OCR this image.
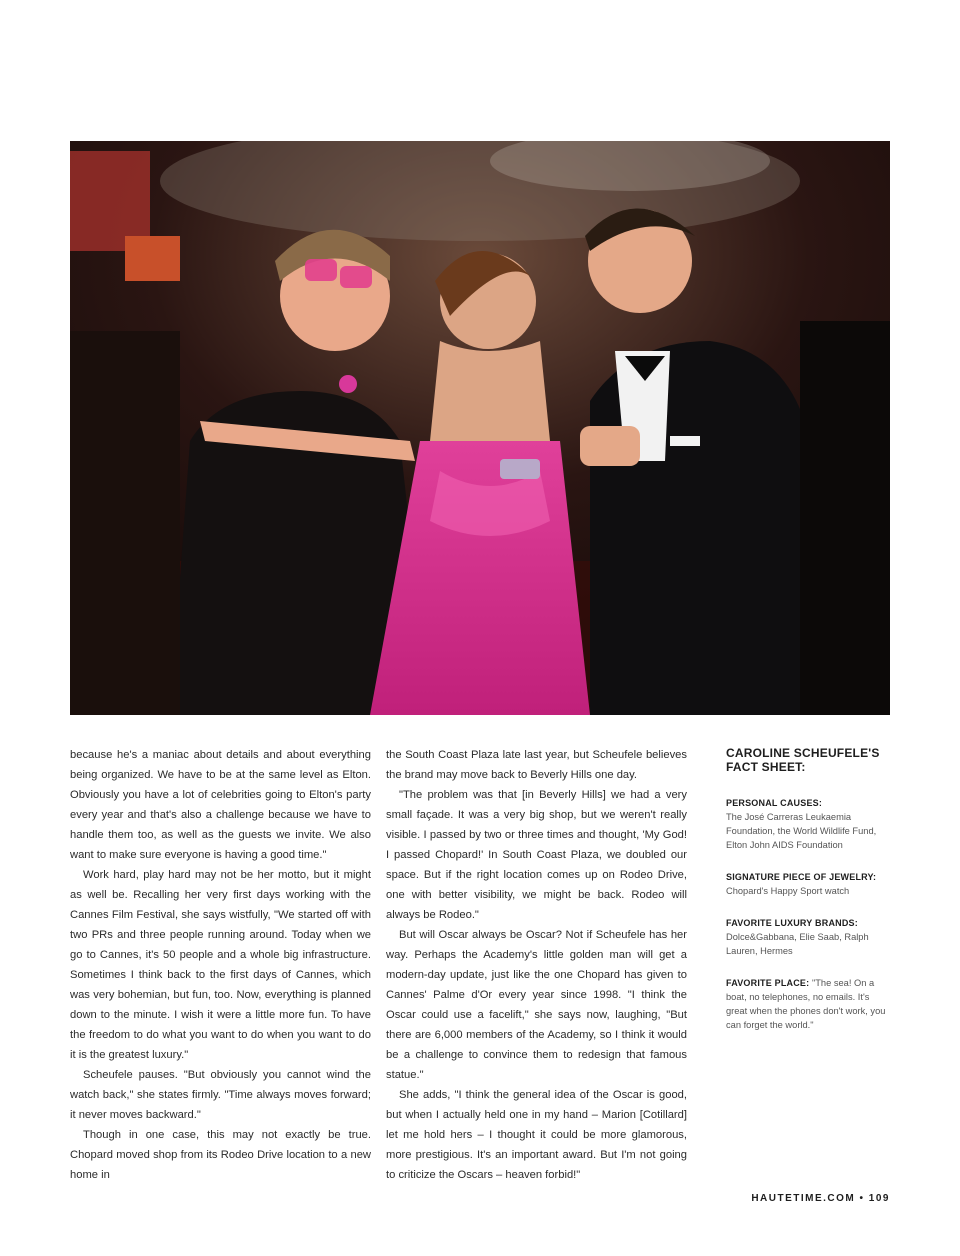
because he's a maniac about details and about everything being organized. We have to be at the same level as Elton. Obviously you have a lot of celebrities going to Elton's party every year and that's also a challenge because we have to handle them too, as well as the guests we invite. We also want to make sure everyone is having a good time."

Work hard, play hard may not be her motto, but it might as well be. Recalling her very first days working with the Cannes Film Festival, she says wistfully, "We started off with two PRs and three people running around. Today when we go to Cannes, it's 50 people and a whole big infrastructure. Sometimes I think back to the first days of Cannes, which was very bohemian, but fun, too. Now, everything is planned down to the minute. I wish it were a little more fun. To have the freedom to do what you want to do when you want to do it is the greatest luxury."

Scheufele pauses. "But obviously you cannot wind the watch back," she states firmly. "Time always moves forward; it never moves backward."

Though in one case, this may not exactly be true. Chopard moved shop from its Rodeo Drive location to a new home in

the South Coast Plaza late last year, but Scheufele believes the brand may move back to Beverly Hills one day.

"The problem was that [in Beverly Hills] we had a very small façade. It was a very big shop, but we weren't really visible. I passed by two or three times and thought, 'My God! I passed Chopard!' In South Coast Plaza, we doubled our space. But if the right location comes up on Rodeo Drive, one with better visibility, we might be back. Rodeo will always be Rodeo."

But will Oscar always be Oscar? Not if Scheufele has her way. Perhaps the Academy's little golden man will get a modern-day update, just like the one Chopard has given to Cannes' Palme d'Or every year since 1998. "I think the Oscar could use a facelift," she says now, laughing, "But there are 6,000 members of the Academy, so I think it would be a challenge to convince them to redesign that famous statue."

She adds, "I think the general idea of the Oscar is good, but when I actually held one in my hand – Marion [Cotillard] let me hold hers – I thought it could be more glamorous, more prestigious. It's an important award. But I'm not going to criticize the Oscars – heaven forbid!"

CAROLINE SCHEUFELE'S FACT SHEET:
PERSONAL CAUSES:
The José Carreras Leukaemia Foundation, the World Wildlife Fund, Elton John AIDS Foundation
SIGNATURE PIECE OF JEWELRY:
Chopard's Happy Sport watch
FAVORITE LUXURY BRANDS:
Dolce&Gabbana, Elie Saab, Ralph Lauren, Hermes
FAVORITE PLACE: "The sea! On a boat, no telephones, no emails. It's great when the phones don't work, you can forget the world."
HAUTETIME.COM • 109
